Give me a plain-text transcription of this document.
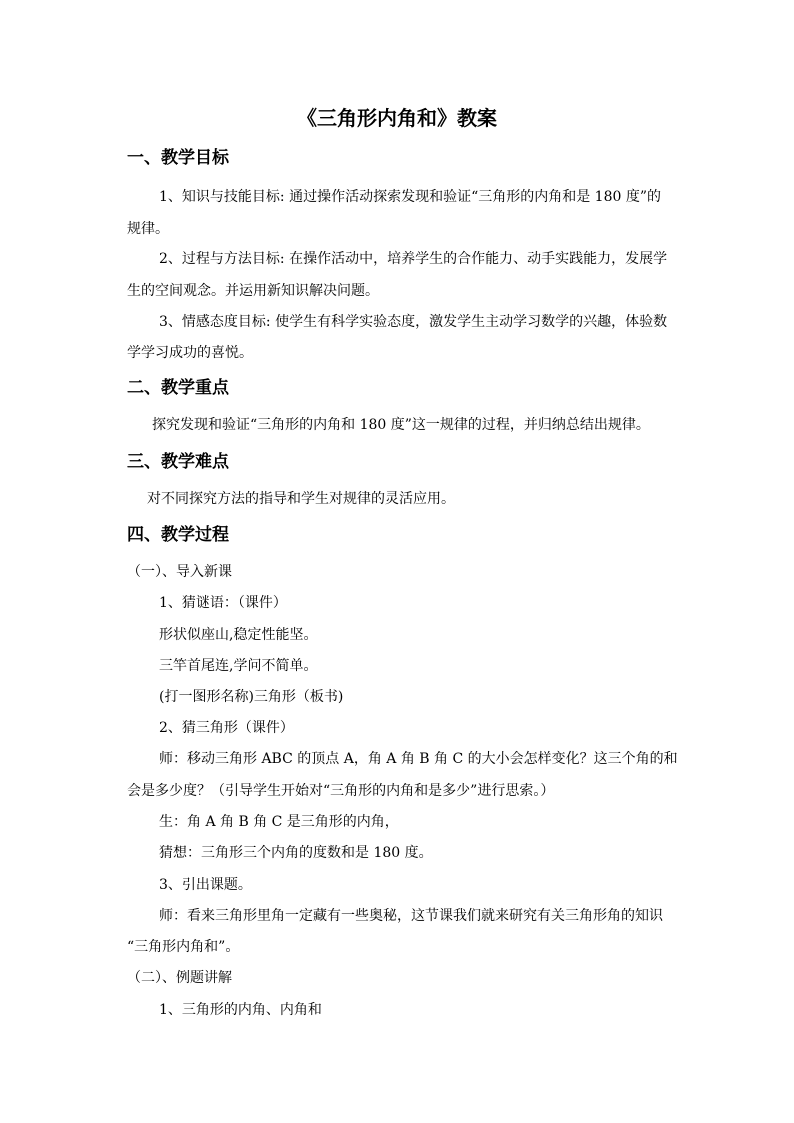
《三角形内角和》教案
一、教学目标
1、知识与技能目标: 通过操作活动探索发现和验证“三角形的内角和是 180 度”的
规律。
2、过程与方法目标: 在操作活动中，培养学生的合作能力、动手实践能力，发展学
生的空间观念。并运用新知识解决问题。
3、情感态度目标: 使学生有科学实验态度，激发学生主动学习数学的兴趣，体验数
学学习成功的喜悦。
二、教学重点
探究发现和验证“三角形的内角和 180 度”这一规律的过程，并归纳总结出规律。
三、教学难点
对不同探究方法的指导和学生对规律的灵活应用。
四、教学过程
（一）、导入新课
1、猜谜语：（课件）
形状似座山,稳定性能坚。
三竿首尾连,学问不简单。
(打一图形名称)三角形（板书)
2、猜三角形（课件）
师：移动三角形 ABC 的顶点 A，角 A 角 B 角 C 的大小会怎样变化？这三个角的和
会是多少度？（引导学生开始对“三角形的内角和是多少”进行思索。）
生：角 A 角 B 角 C 是三角形的内角，
猜想：三角形三个内角的度数和是 180 度。
3、引出课题。
师：看来三角形里角一定藏有一些奥秘，这节课我们就来研究有关三角形角的知识
“三角形内角和”。
（二）、例题讲解
1、三角形的内角、内角和
